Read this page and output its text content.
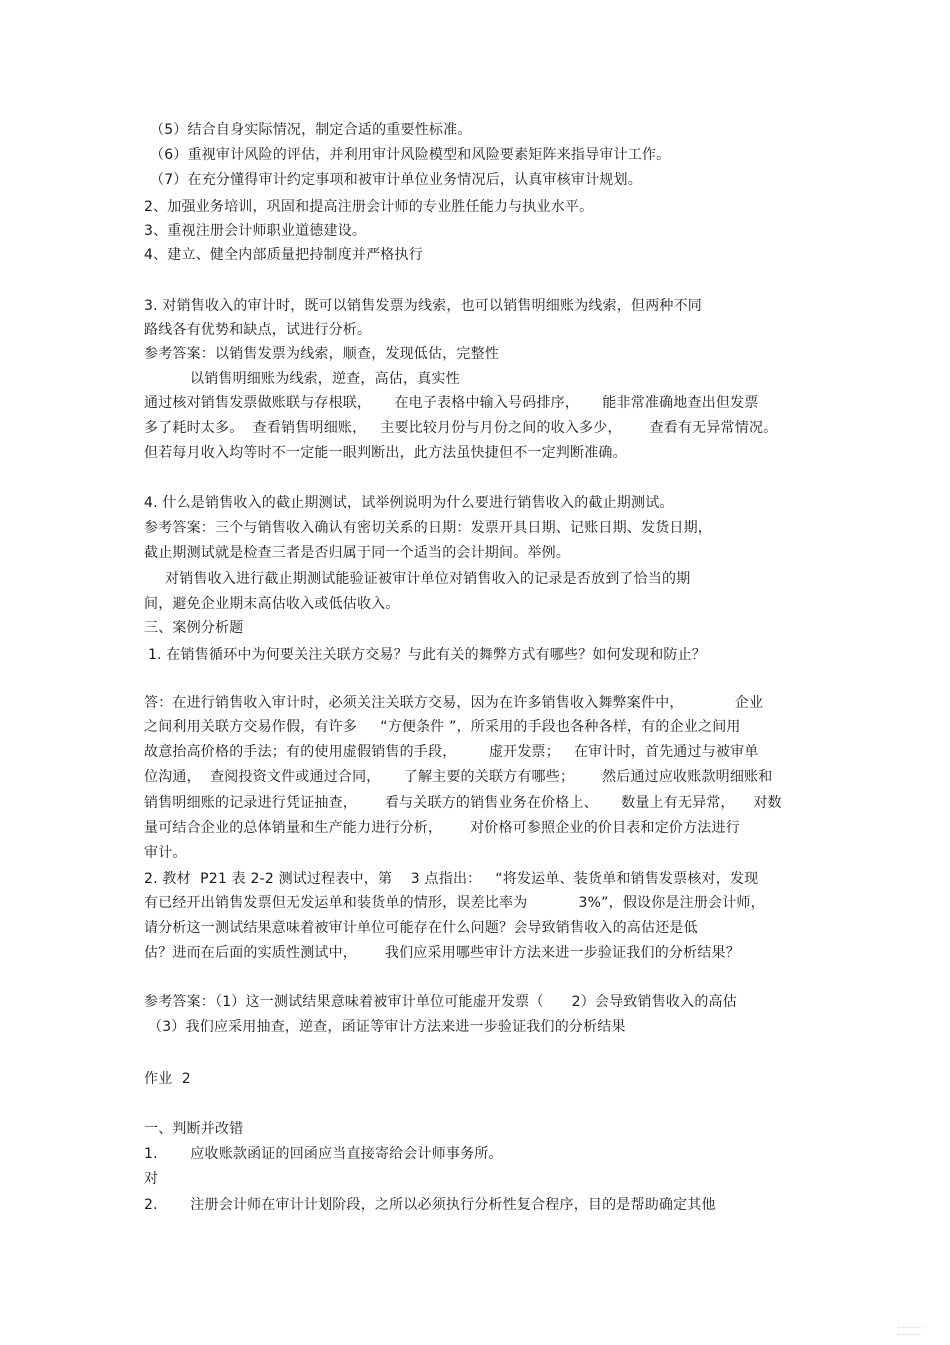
（5）结合自身实际情况，制定合适的重要性标准。
（6）重视审计风险的评估，并利用审计风险模型和风险要素矩阵来指导审计工作。
（7）在充分懂得审计约定事项和被审计单位业务情况后，认真审核审计规划。
2、加强业务培训，巩固和提高注册会计师的专业胜任能力与执业水平。
3、重视注册会计师职业道德建设。
4、建立、健全内部质量把持制度并严格执行
3. 对销售收入的审计时，既可以销售发票为线索，也可以销售明细账为线索，但两种不同
路线各有优势和缺点，试进行分析。
参考答案：以销售发票为线索，顺查，发现低估，完整性
以销售明细账为线索，逆查，高估，真实性
通过核对销售发票做账联与存根联，     在电子表格中输入号码排序，     能非常准确地查出但发票
多了耗时太多。  查看销售明细账，   主要比较月份与月份之间的收入多少，      查看有无异常情况。
但若每月收入均等时不一定能一眼判断出，此方法虽快捷但不一定判断准确。
4. 什么是销售收入的截止期测试，试举例说明为什么要进行销售收入的截止期测试。
参考答案：三个与销售收入确认有密切关系的日期：发票开具日期、记账日期、发货日期，
截止期测试就是检查三者是否归属于同一个适当的会计期间。举例。
对销售收入进行截止期测试能验证被审计单位对销售收入的记录是否放到了恰当的期
间，避免企业期末高估收入或低估收入。
三、案例分析题
1. 在销售循环中为何要关注关联方交易？与此有关的舞弊方式有哪些？如何发现和防止？
答：在进行销售收入审计时，必须关注关联方交易，因为在许多销售收入舞弊案件中，           企业
之间利用关联方交易作假，有许多     “方便条件 ”，所采用的手段也各种各样，有的企业之间用
故意抬高价格的手法；有的使用虚假销售的手段，       虚开发票；   在审计时，首先通过与被审单
位沟通，  查阅投资文件或通过合同，     了解主要的关联方有哪些；      然后通过应收账款明细账和
销售明细账的记录进行凭证抽查，      看与关联方的销售业务在价格上、     数量上有无异常，    对数
量可结合企业的总体销量和生产能力进行分析，      对价格可参照企业的价目表和定价方法进行
审计。
2. 教材  P21 表 2-2 测试过程表中，第    3 点指出：   “将发运单、装货单和销售发票核对，发现
有已经开出销售发票但无发运单和装货单的情形，误差比率为           3%”，假设你是注册会计师，
请分析这一测试结果意味着被审计单位可能存在什么问题？会导致销售收入的高估还是低
估？进而在后面的实质性测试中，      我们应采用哪些审计方法来进一步验证我们的分析结果？
参考答案：（1）这一测试结果意味着被审计单位可能虚开发票（      2）会导致销售收入的高估
（3）我们应采用抽查，逆查，函证等审计方法来进一步验证我们的分析结果
作业  2
一、判断并改错
1.       应收账款函证的回函应当直接寄给会计师事务所。
对
2.       注册会计师在审计计划阶段，之所以必须执行分析性复合程序，目的是帮助确定其他
